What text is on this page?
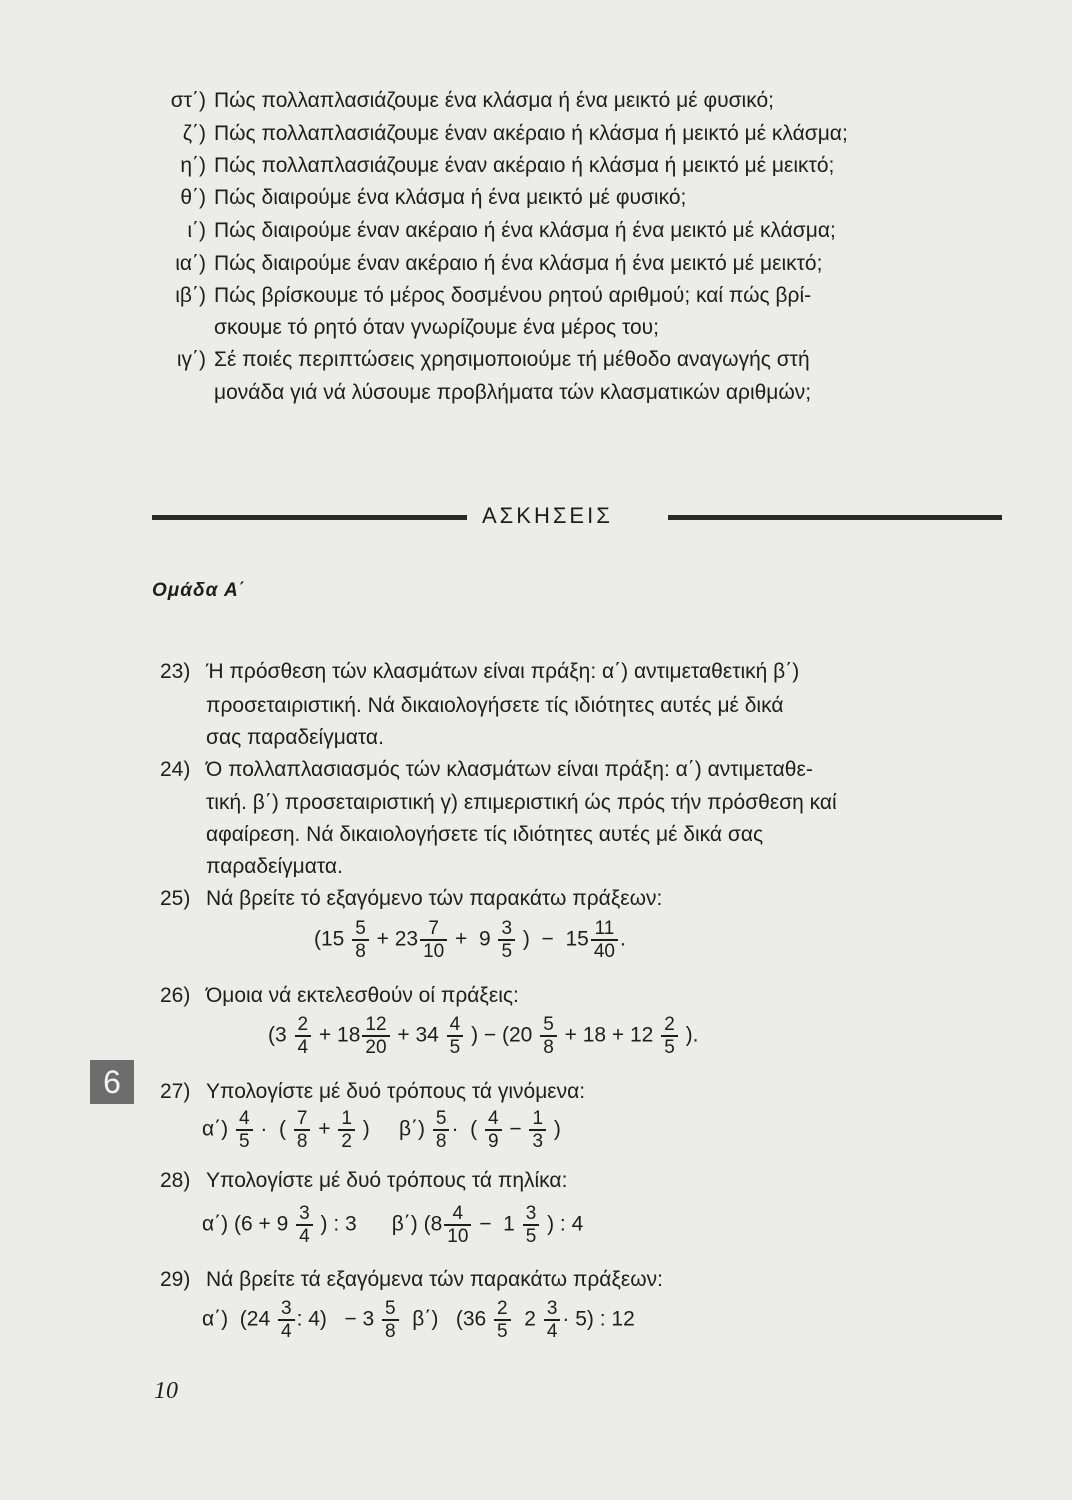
στ΄) Πώς πολλαπλασιάζουμε ένα κλάσμα ή ένα μεικτό μέ φυσικό;
ζ΄) Πώς πολλαπλασιάζουμε έναν ακέραιο ή κλάσμα ή μεικτό μέ κλάσμα;
η΄) Πώς πολλαπλασιάζουμε έναν ακέραιο ή κλάσμα ή μεικτό μέ μεικτό;
θ΄) Πώς διαιρούμε ένα κλάσμα ή ένα μεικτό μέ φυσικό;
ι΄) Πώς διαιρούμε έναν ακέραιο ή ένα κλάσμα ή ένα μεικτό μέ κλάσμα;
ια΄) Πώς διαιρούμε έναν ακέραιο ή ένα κλάσμα ή ένα μεικτό μέ μεικτό;
ιβ΄) Πώς βρίσκουμε τό μέρος δοσμένου ρητού αριθμού; καί πώς βρί-
σκουμε τό ρητό όταν γνωρίζουμε ένα μέρος του;
ιγ΄) Σέ ποιές περιπτώσεις χρησιμοποιούμε τή μέθοδο αναγωγής στή
μονάδα γιά νά λύσουμε προβλήματα τών κλασματικών αριθμών;
ΑΣΚΗΣΕΙΣ
Ομάδα Α΄
23) Ή πρόσθεση τών κλασμάτων είναι πράξη: α΄) αντιμεταθετική β΄)
προσεταιριστική. Νά δικαιολογήσετε τίς ιδιότητες αυτές μέ δικά
σας παραδείγματα.
24) Ό πολλαπλασιασμός τών κλασμάτων είναι πράξη: α΄) αντιμεταθε-
τική. β΄) προσεταιριστική γ) επιμεριστική ώς πρός τήν πρόσθεση καί
αφαίρεση. Νά δικαιολογήσετε τίς ιδιότητες αυτές μέ δικά σας
παραδείγματα.
25) Νά βρείτε τό εξαγόμενο τών παρακάτω πράξεων:
($15 \frac{5}{8} + 23 \frac{7}{10} + 9 \frac{3}{5}$ )  −  $15 \frac{11}{40}$ .
26) Όμοια νά εκτελεσθούν οί πράξεις:
($3 \frac{2}{4} + 18 \frac{12}{20} + 34 \frac{4}{5}$ ) − ($20 \frac{5}{8} + 18 + 12 \frac{2}{5}$ ).
27) Υπολογίστε μέ δυό τρόπους τά γινόμενα:
$\alpha΄) \frac{4}{5}$ ·  ( $\frac{7}{8} + \frac{1}{2}$ )     $\beta΄) \frac{5}{8}$ ·  ( $\frac{4}{9} - \frac{1}{3}$ )
28) Υπολογίστε μέ δυό τρόπους τά πηλίκα:
α΄) ($6 + 9 \frac{3}{4}$ ) : 3      β΄) ($8 \frac{4}{10} - 1 \frac{3}{5}$ ) : 4
29) Νά βρείτε τά εξαγόμενα τών παρακάτω πράξεων:
α΄)  ($24 \frac{3}{4}$ : $4) - 3 \frac{5}{8} \beta΄$)   $(36 \frac{2}{5} 2 \frac{3}{4} \cdot 5)$ : 12
6
10
